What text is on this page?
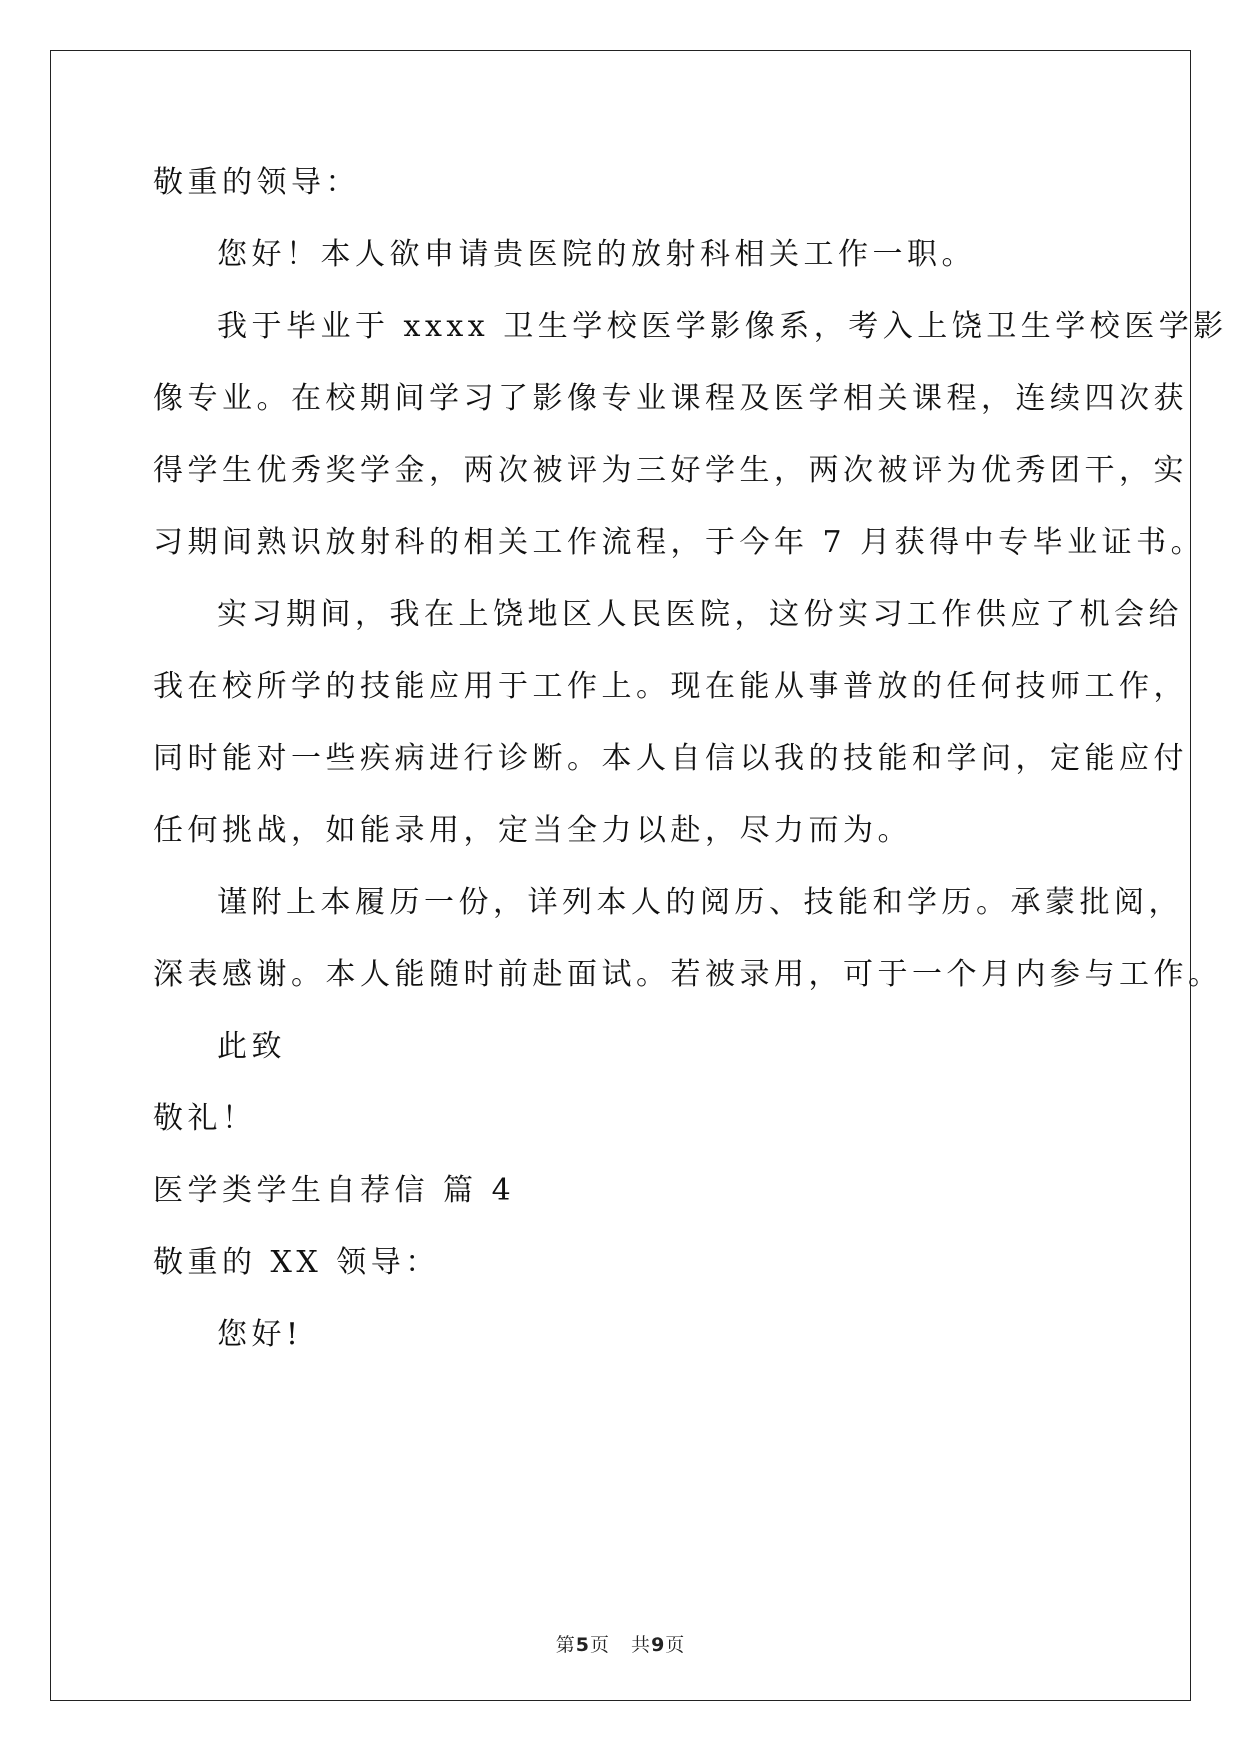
敬重的领导：
您好！本人欲申请贵医院的放射科相关工作一职。
我于毕业于 xxxx 卫生学校医学影像系，考入上饶卫生学校医学影
像专业。在校期间学习了影像专业课程及医学相关课程，连续四次获
得学生优秀奖学金，两次被评为三好学生，两次被评为优秀团干，实
习期间熟识放射科的相关工作流程，于今年 7 月获得中专毕业证书。
实习期间，我在上饶地区人民医院，这份实习工作供应了机会给
我在校所学的技能应用于工作上。现在能从事普放的任何技师工作，
同时能对一些疾病进行诊断。本人自信以我的技能和学问，定能应付
任何挑战，如能录用，定当全力以赴，尽力而为。
谨附上本履历一份，详列本人的阅历、技能和学历。承蒙批阅，
深表感谢。本人能随时前赴面试。若被录用，可于一个月内参与工作。
此致
敬礼！
医学类学生自荐信 篇 4
敬重的 XX 领导：
您好!
第5页   共9页
